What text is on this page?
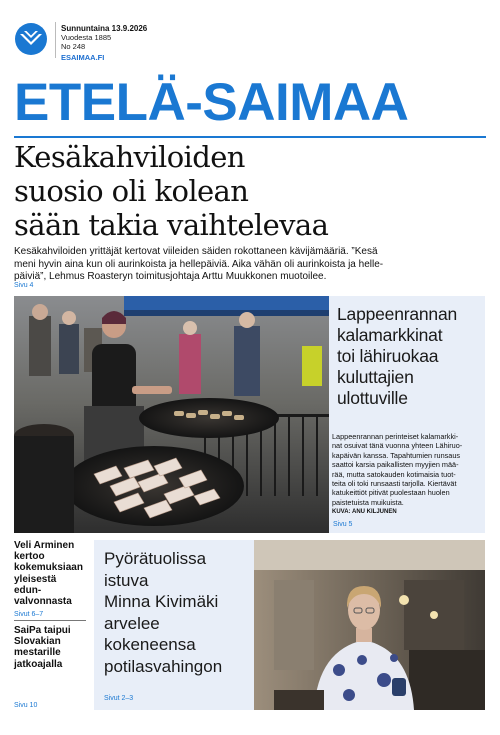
Sunnuntaina 13.9.2026
Vuodesta 1885
No 248
ESAIMAA.FI
ETELÄ-SAIMAA
Kesäkahviloiden
suosio oli kolean
sään takia vaihtelevaa
Kesäkahviloiden yrittäjät kertovat viileiden säiden rokottaneen kävijämääriä. ”Kesä
meni hyvin aina kun oli aurinkoista ja hellepäiviä. Aika vähän oli aurinkoista ja helle-
päiviä”, Lehmus Roasteryn toimitusjohtaja Arttu Muukkonen muotoilee.
Sivu 4
Lappeenrannan
kalamarkkinat
toi lähiruokaa
kuluttajien
ulottuville
Lappeenrannan perinteiset kalamarkki-
nat osuivat tänä vuonna yhteen Lähiruo-
kapäivän kanssa. Tapahtumien runsaus
saattoi karsia paikallisten myyjien mää-
rää, mutta satokauden kotimaisia tuot-
teita oli toki runsaasti tarjolla. Kiertävät
katukeittiöt pitivät puolestaan huolen
paistetuista muikuista.
KUVA: ANU KILJUNEN
Sivu 5
Veli Arminen
kertoo
kokemuksiaan
yleisestä edun-
valvonnasta
Sivut 6–7
SaiPa taipui
Slovakian
mestarille
jatkoajalla
Sivu 10
Pyörätuolissa
istuva
Minna Kivimäki
arvelee
kokeneensa
potilasvahingon
Sivut 2–3
